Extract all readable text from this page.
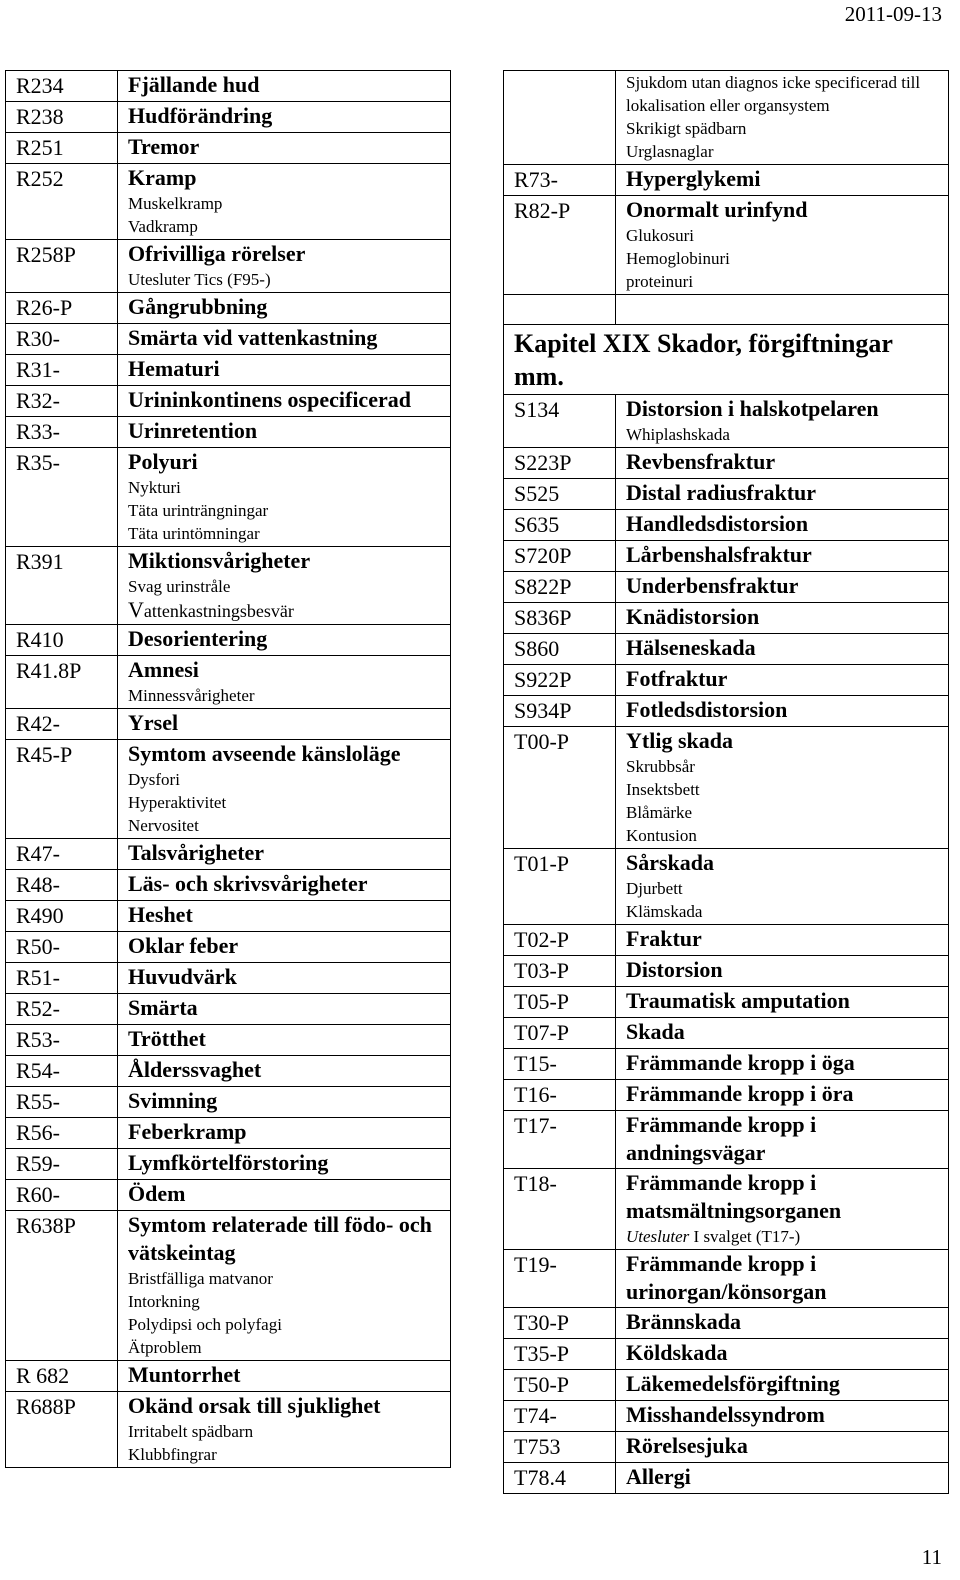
2011-09-13
R234	Fjällande hud

R238	Hudförändring

R251	Tremor

R252	Kramp
Muskelkramp
Vadkramp

R258P	Ofrivilliga rörelser
Utesluter Tics (F95-)

R26-P	Gångrubbning

R30-	Smärta vid vattenkastning

R31-	Hematuri

R32-	Urininkontinens ospecificerad

R33-	Urinretention

R35-	Polyuri
Nykturi
Täta urinträngningar
Täta urintömningar

R391	Miktionsvårigheter
Svag urinstråle
Vattenkastningsbesvär

R410	Desorientering

R41.8P	Amnesi
Minnessvårigheter

R42-	Yrsel

R45-P	Symtom avseende känsloläge
Dysfori
Hyperaktivitet
Nervositet

R47-	Talsvårigheter

R48-	Läs- och skrivsvårigheter

R490	Heshet

R50-	Oklar feber

R51-	Huvudvärk

R52-	Smärta

R53-	Trötthet

R54-	Ålderssvaghet

R55-	Svimning

R56-	Feberkramp

R59-	Lymfkörtelförstoring

R60-	Ödem

R638P	Symtom relaterade till födo- och vätskeintag
Bristfälliga matvanor
Intorkning
Polydipsi och polyfagi
Ätproblem

R 682	Muntorrhet

R688P	Okänd orsak till sjuklighet
Irritabelt spädbarn
Klubbfingrar

	Sjukdom utan diagnos icke specificerad till lokalisation eller organsystem
Skrikigt spädbarn
Urglasnaglar

R73-	Hyperglykemi

R82-P	Onormalt urinfynd
Glukosuri
Hemoglobinuri
proteinuri

Kapitel XIX Skador, förgiftningar mm.	

S134	Distorsion i halskotpelaren
Whiplashskada

S223P	Revbensfraktur

S525	Distal radiusfraktur

S635	Handledsdistorsion

S720P	Lårbenshalsfraktur

S822P	Underbensfraktur

S836P	Knädistorsion

S860	Hälseneskada

S922P	Fotfraktur

S934P	Fotledsdistorsion

T00-P	Ytlig skada
Skrubbsår
Insektsbett
Blåmärke
Kontusion

T01-P	Sårskada
Djurbett
Klämskada

T02-P	Fraktur

T03-P	Distorsion

T05-P	Traumatisk amputation

T07-P	Skada

T15-	Främmande kropp i öga

T16-	Främmande kropp i öra

T17-	Främmande kropp i andningsvägar

T18-	Främmande kropp i matsmältningsorganen
Utesluter I svalget (T17-)

T19-	Främmande kropp i urinorgan/könsorgan

T30-P	Brännskada

T35-P	Köldskada

T50-P	Läkemedelsförgiftning

T74-	Misshandelssyndrom

T753	Rörelsesjuka

T78.4	Allergi
11
